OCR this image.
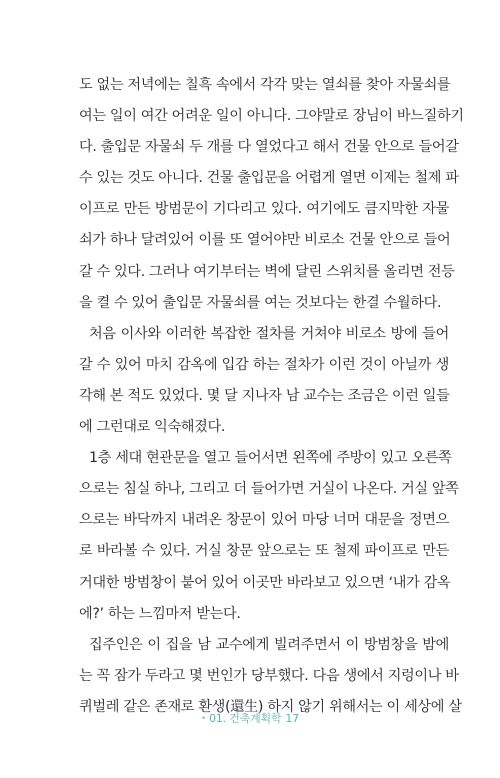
도 없는 저녁에는 칠흑 속에서 각각 맞는 열쇠를 찾아 자물쇠를
여는 일이 여간 어려운 일이 아니다. 그야말로 장님이 바느질하기
다. 출입문 자물쇠 두 개를 다 열었다고 해서 건물 안으로 들어갈
수 있는 것도 아니다. 건물 출입문을 어렵게 열면 이제는 철제 파
이프로 만든 방범문이 기다리고 있다. 여기에도 큼지막한 자물
쇠가 하나 달려있어 이를 또 열어야만 비로소 건물 안으로 들어
갈 수 있다. 그러나 여기부터는 벽에 달린 스위치를 올리면 전등
을 켤 수 있어 출입문 자물쇠를 여는 것보다는 한결 수월하다.
처음 이사와 이러한 복잡한 절차를 거쳐야 비로소 방에 들어
갈 수 있어 마치 감옥에 입감 하는 절차가 이런 것이 아닐까 생
각해 본 적도 있었다. 몇 달 지나자 남 교수는 조금은 이런 일들
에 그런대로 익숙해졌다.
1층 세대 현관문을 열고 들어서면 왼쪽에 주방이 있고 오른쪽
으로는 침실 하나, 그리고 더 들어가면 거실이 나온다. 거실 앞쪽
으로는 바닥까지 내려온 창문이 있어 마당 너머 대문을 정면으
로 바라볼 수 있다. 거실 창문 앞으로는 또 철제 파이프로 만든
거대한 방범창이 붙어 있어 이곳만 바라보고 있으면 ‘내가 감옥
에?’ 하는 느낌마저 받는다.
집주인은 이 집을 남 교수에게 빌려주면서 이 방범창을 밤에
는 꼭 잠가 두라고 몇 번인가 당부했다. 다음 생에서 지렁이나 바
퀴벌레 같은 존재로 환생(還生) 하지 않기 위해서는 이 세상에 살
• 01. 건축계획학 17
